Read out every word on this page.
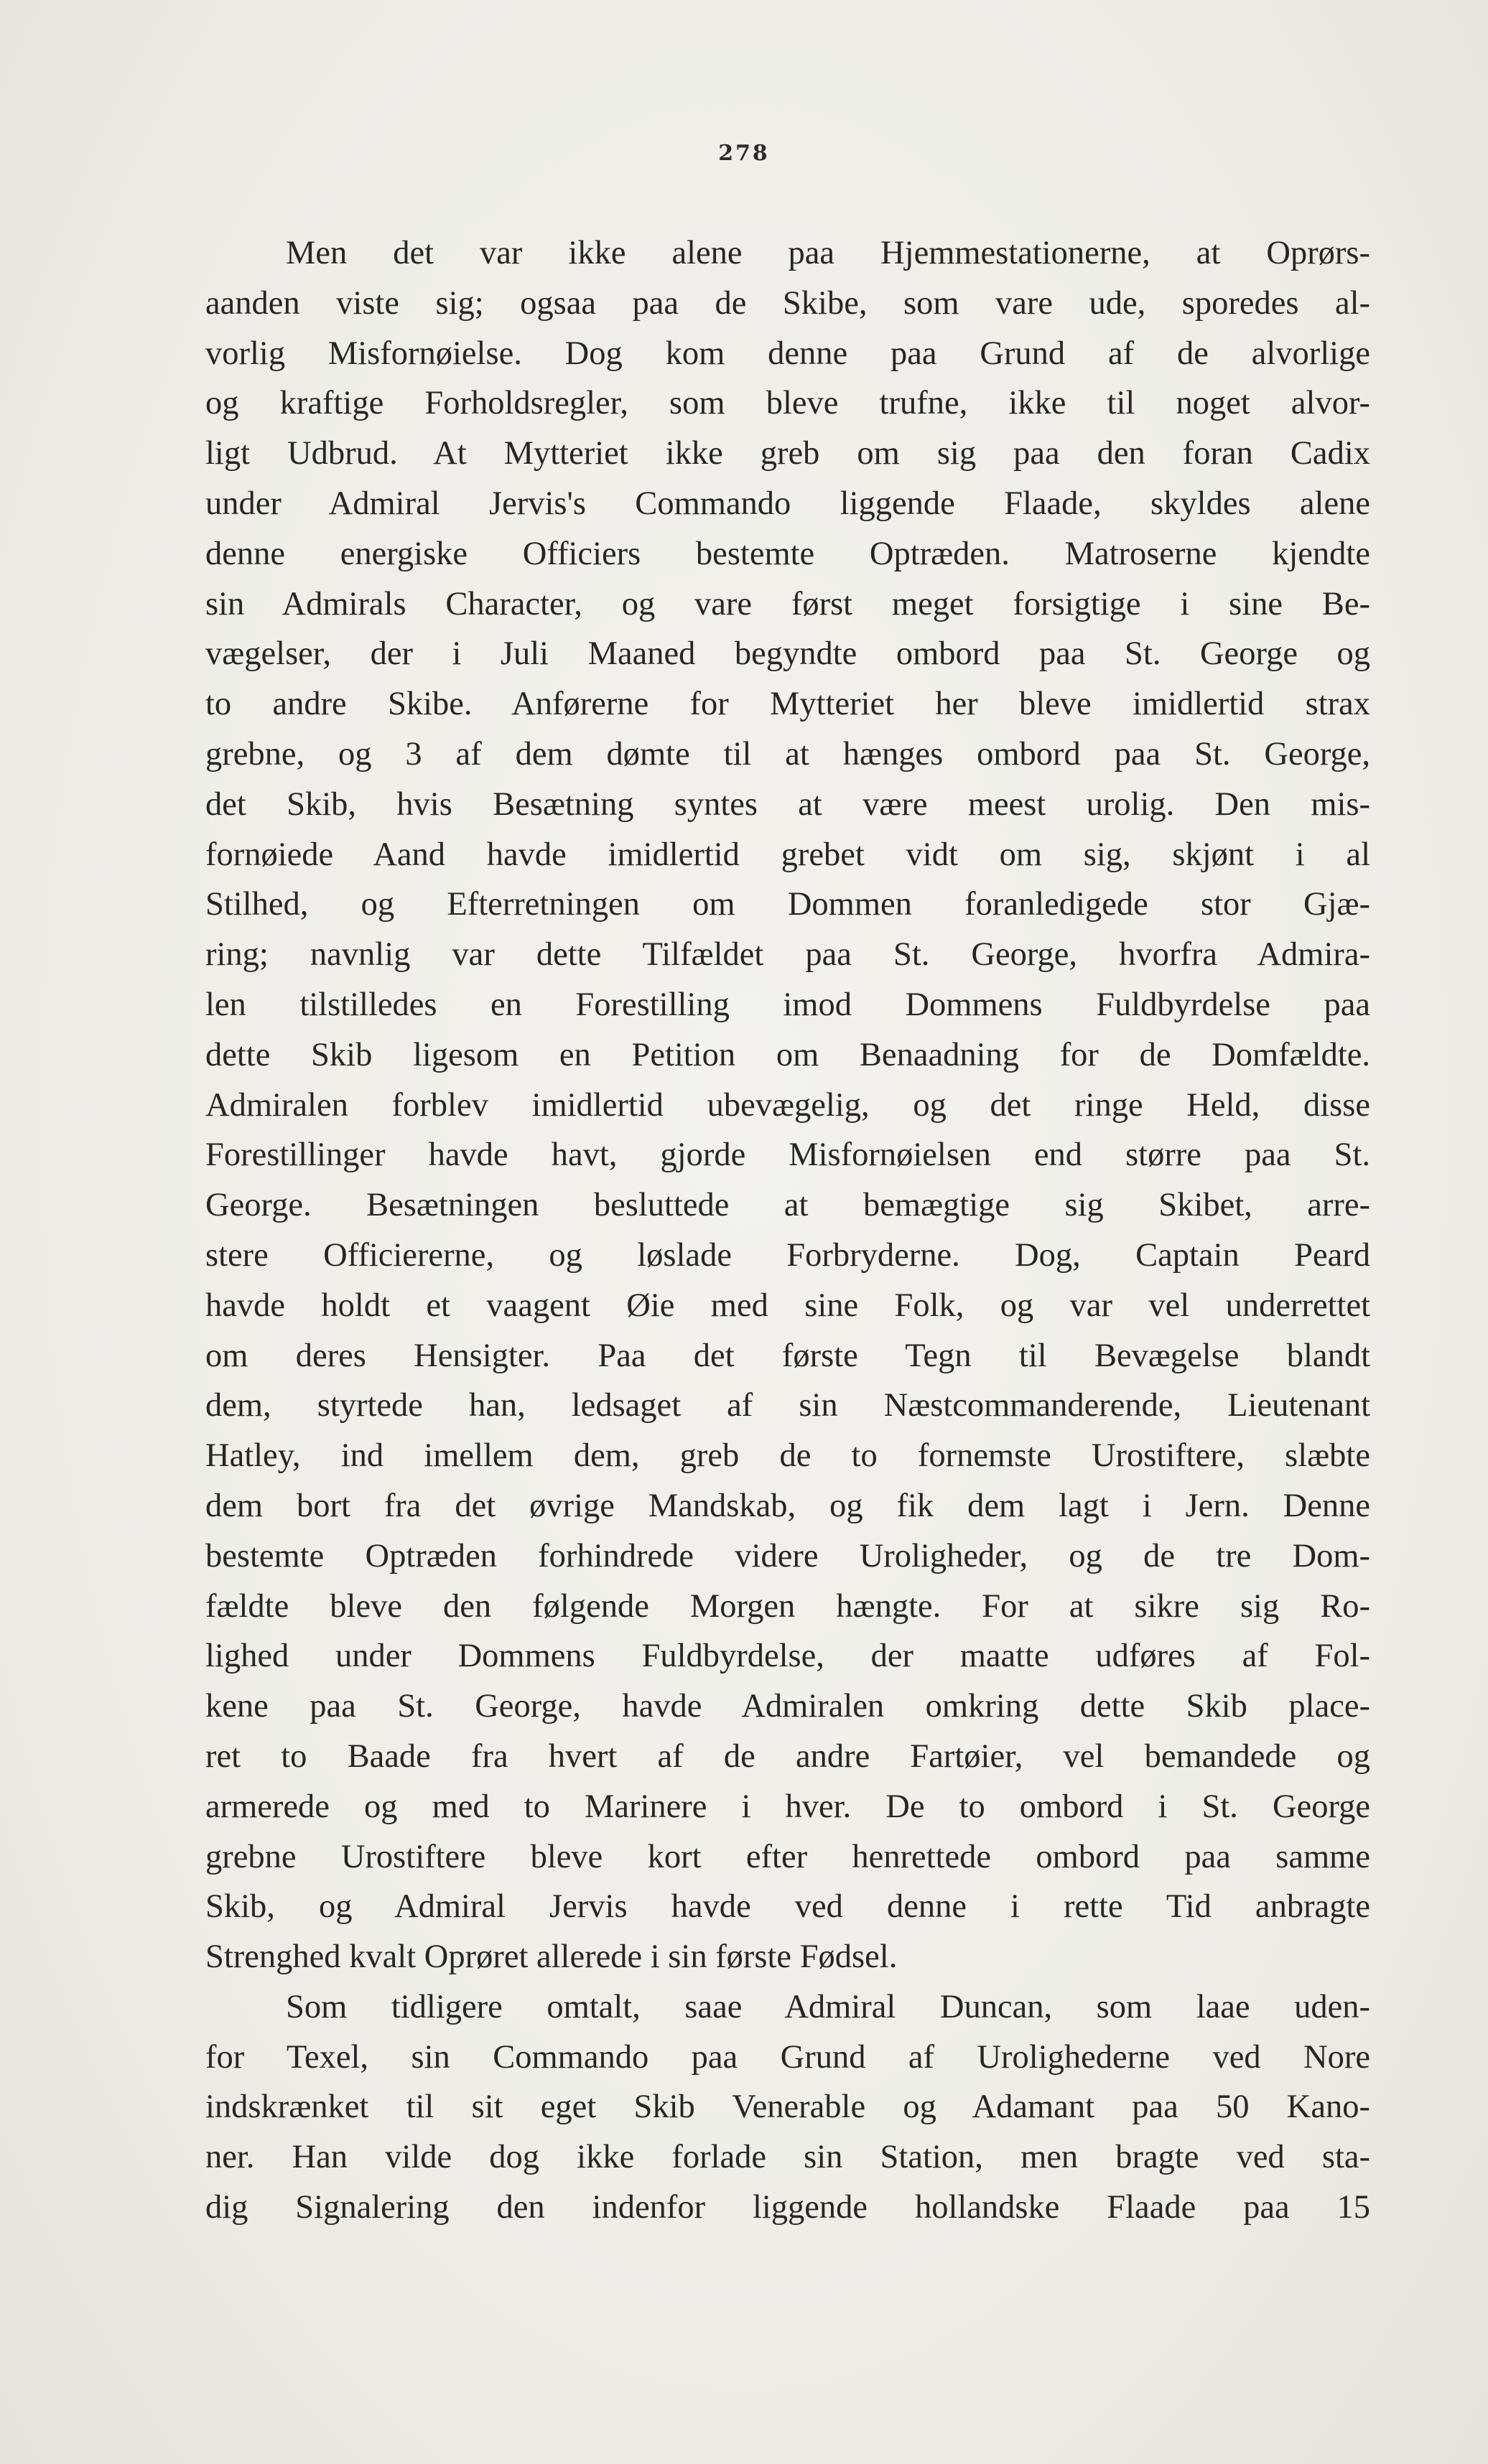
278

Men det var ikke alene paa Hjemmestationerne, at Oprørs-
aanden viste sig; ogsaa paa de Skibe, som vare ude, sporedes al-
vorlig Misfornøielse. Dog kom denne paa Grund af de alvorlige
og kraftige Forholdsregler, som bleve trufne, ikke til noget alvor-
ligt Udbrud. At Mytteriet ikke greb om sig paa den foran Cadix
under Admiral Jervis's Commando liggende Flaade, skyldes alene
denne energiske Officiers bestemte Optræden. Matroserne kjendte
sin Admirals Character, og vare først meget forsigtige i sine Be-
vægelser, der i Juli Maaned begyndte ombord paa St. George og
to andre Skibe. Anførerne for Mytteriet her bleve imidlertid strax
grebne, og 3 af dem dømte til at hænges ombord paa St. George,
det Skib, hvis Besætning syntes at være meest urolig. Den mis-
fornøiede Aand havde imidlertid grebet vidt om sig, skjønt i al
Stilhed, og Efterretningen om Dommen foranledigede stor Gjæ-
ring; navnlig var dette Tilfældet paa St. George, hvorfra Admira-
len tilstilledes en Forestilling imod Dommens Fuldbyrdelse paa
dette Skib ligesom en Petition om Benaadning for de Domfældte.
Admiralen forblev imidlertid ubevægelig, og det ringe Held, disse
Forestillinger havde havt, gjorde Misfornøielsen end større paa St.
George. Besætningen besluttede at bemægtige sig Skibet, arre-
stere Officiererne, og løslade Forbryderne. Dog, Captain Peard
havde holdt et vaagent Øie med sine Folk, og var vel underrettet
om deres Hensigter. Paa det første Tegn til Bevægelse blandt
dem, styrtede han, ledsaget af sin Næstcommanderende, Lieutenant
Hatley, ind imellem dem, greb de to fornemste Urostiftere, slæbte
dem bort fra det øvrige Mandskab, og fik dem lagt i Jern. Denne
bestemte Optræden forhindrede videre Uroligheder, og de tre Dom-
fældte bleve den følgende Morgen hængte. For at sikre sig Ro-
lighed under Dommens Fuldbyrdelse, der maatte udføres af Fol-
kene paa St. George, havde Admiralen omkring dette Skib place-
ret to Baade fra hvert af de andre Fartøier, vel bemandede og
armerede og med to Marinere i hver. De to ombord i St. George
grebne Urostiftere bleve kort efter henrettede ombord paa samme
Skib, og Admiral Jervis havde ved denne i rette Tid anbragte
Strenghed kvalt Oprøret allerede i sin første Fødsel.

Som tidligere omtalt, saae Admiral Duncan, som laae uden-
for Texel, sin Commando paa Grund af Urolighederne ved Nore
indskrænket til sit eget Skib Venerable og Adamant paa 50 Kano-
ner. Han vilde dog ikke forlade sin Station, men bragte ved sta-
dig Signalering den indenfor liggende hollandske Flaade paa 15
